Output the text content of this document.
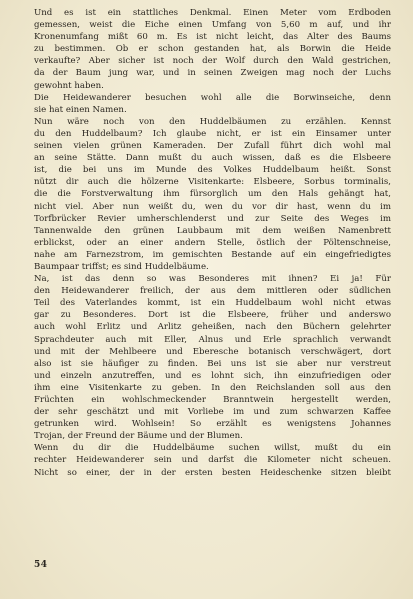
Und es ist ein stattliches Denkmal. Einen Meter vom Erdboden
gemessen, weist die Eiche einen Umfang von 5,60 m auf, und ihr
Kronenumfang mißt 60 m. Es ist nicht leicht, das Alter des Baums
zu bestimmen. Ob er schon gestanden hat, als Borwin die Heide
verkaufte? Aber sicher ist noch der Wolf durch den Wald gestrichen,
da der Baum jung war, und in seinen Zweigen mag noch der Luchs
gewohnt haben.
Die Heidewanderer besuchen wohl alle die Borwinseiche, denn
sie hat einen Namen.
Nun wäre noch von den Huddelbäumen zu erzählen. Kennst
du den Huddelbaum? Ich glaube nicht, er ist ein Einsamer unter
seinen vielen grünen Kameraden. Der Zufall führt dich wohl mal
an seine Stätte. Dann mußt du auch wissen, daß es die Elsbeere
ist, die bei uns im Munde des Volkes Huddelbaum heißt. Sonst
nützt dir auch die hölzerne Visitenkarte: Elsbeere, Sorbus torminalis,
die die Forstverwaltung ihm fürsorglich um den Hals gehängt hat,
nicht viel. Aber nun weißt du, wen du vor dir hast, wenn du im
Torfbrücker Revier umherschlenderst und zur Seite des Weges im
Tannenwalde den grünen Laubbaum mit dem weißen Namenbrett
erblickst, oder an einer andern Stelle, östlich der Pöltenschneise,
nahe am Farnezstrom, im gemischten Bestande auf ein eingefriedigtes
Baumpaar triffst; es sind Huddelbäume.
Na, ist das denn so was Besonderes mit ihnen? Ei ja! Für
den Heidewanderer freilich, der aus dem mittleren oder südlichen
Teil des Vaterlandes kommt, ist ein Huddelbaum wohl nicht etwas
gar zu Besonderes. Dort ist die Elsbeere, früher und anderswo
auch wohl Erlitz und Arlitz geheißen, nach den Büchern gelehrter
Sprachdeuter auch mit Eller, Alnus und Erle sprachlich verwandt
und mit der Mehlbeere und Eberesche botanisch verschwägert, dort
also ist sie häufiger zu finden. Bei uns ist sie aber nur verstreut
und einzeln anzutreffen, und es lohnt sich, ihn einzufriedigen oder
ihm eine Visitenkarte zu geben. In den Reichslanden soll aus den
Früchten ein wohlschmeckender Branntwein hergestellt werden,
der sehr geschätzt und mit Vorliebe im und zum schwarzen Kaffee
getrunken wird. Wohlsein! So erzählt es wenigstens Johannes
Trojan, der Freund der Bäume und der Blumen.
Wenn du dir die Huddelbäume suchen willst, mußt du ein
rechter Heidewanderer sein und darfst die Kilometer nicht scheuen.
Nicht so einer, der in der ersten besten Heideschenke sitzen bleibt
54
